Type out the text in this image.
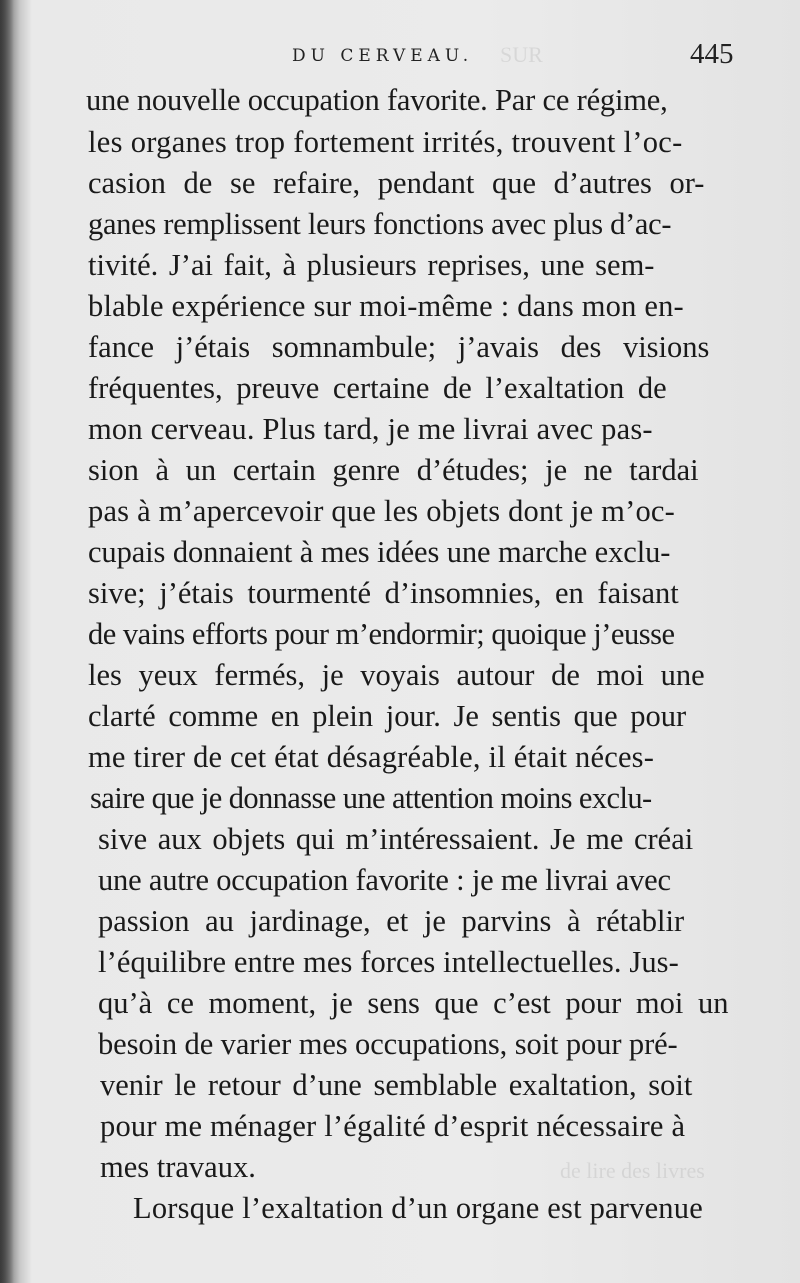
SUR
de lire des livres
DU CERVEAU.	445
une nouvelle occupation favorite. Par ce régime,
les organes trop fortement irrités, trouvent l’oc-
casion de se refaire, pendant que d’autres or-
ganes remplissent leurs fonctions avec plus d’ac-
tivité. J’ai fait, à plusieurs reprises, une sem-
blable expérience sur moi-même : dans mon en-
fance j’étais somnambule; j’avais des visions
fréquentes, preuve certaine de l’exaltation de
mon cerveau. Plus tard, je me livrai avec pas-
sion à un certain genre d’études; je ne tardai
pas à m’apercevoir que les objets dont je m’oc-
cupais donnaient à mes idées une marche exclu-
sive; j’étais tourmenté d’insomnies, en faisant
de vains efforts pour m’endormir; quoique j’eusse
les yeux fermés, je voyais autour de moi une
clarté comme en plein jour. Je sentis que pour
me tirer de cet état désagréable, il était néces-
saire que je donnasse une attention moins exclu-
sive aux objets qui m’intéressaient. Je me créai
une autre occupation favorite : je me livrai avec
passion au jardinage, et je parvins à rétablir
l’équilibre entre mes forces intellectuelles. Jus-
qu’à ce moment, je sens que c’est pour moi un
besoin de varier mes occupations, soit pour pré-
venir le retour d’une semblable exaltation, soit
pour me ménager l’égalité d’esprit nécessaire à
mes travaux.
Lorsque l’exaltation d’un organe est parvenue
